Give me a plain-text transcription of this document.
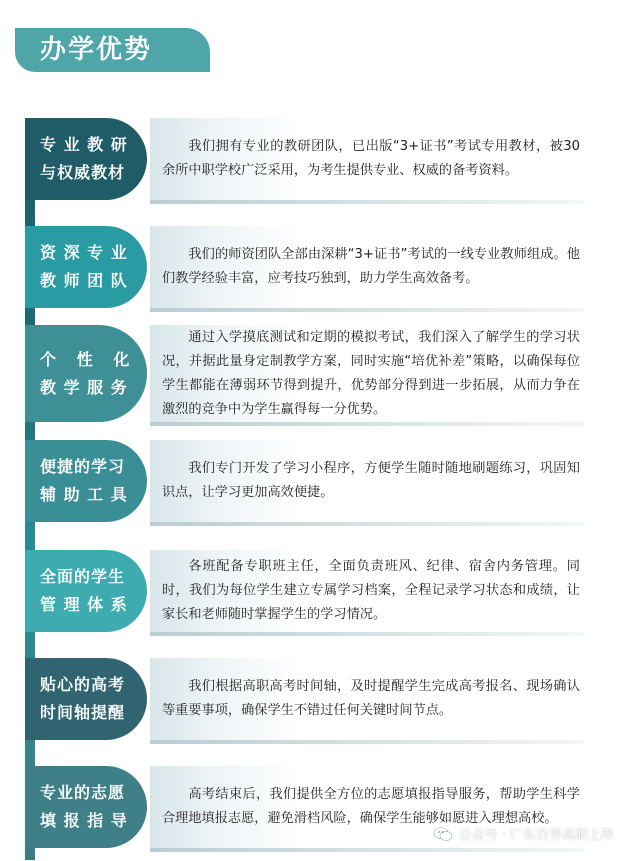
办学优势
专 业 教 研
与权威教材
我们拥有专业的教研团队，已出版“3+证书”考试专用教材，被30余所中职学校广泛采用，为考生提供专业、权威的备考资料。
资 深 专 业
教 师 团 队
我们的师资团队全部由深耕“3+证书”考试的一线专业教师组成。他们教学经验丰富，应考技巧独到，助力学生高效备考。
个   性   化
教 学 服 务
通过入学摸底测试和定期的模拟考试，我们深入了解学生的学习状况，并据此量身定制教学方案，同时实施“培优补差”策略，以确保每位学生都能在薄弱环节得到提升，优势部分得到进一步拓展，从而力争在激烈的竞争中为学生赢得每一分优势。
便捷的学习
辅 助 工 具
我们专门开发了学习小程序，方便学生随时随地刷题练习，巩固知识点，让学习更加高效便捷。
全面的学生
管 理 体 系
各班配备专职班主任，全面负责班风、纪律、宿舍内务管理。同时，我们为每位学生建立专属学习档案，全程记录学习状态和成绩，让家长和老师随时掌握学生的学习情况。
贴心的高考
时间轴提醒
我们根据高职高考时间轴，及时提醒学生完成高考报名、现场确认等重要事项，确保学生不错过任何关键时间节点。
专业的志愿
填 报 指 导
高考结束后，我们提供全方位的志愿填报指导服务，帮助学生科学合理地填报志愿，避免滑档风险，确保学生能够如愿进入理想高校。
公众号 · 广东百导高职上岸
